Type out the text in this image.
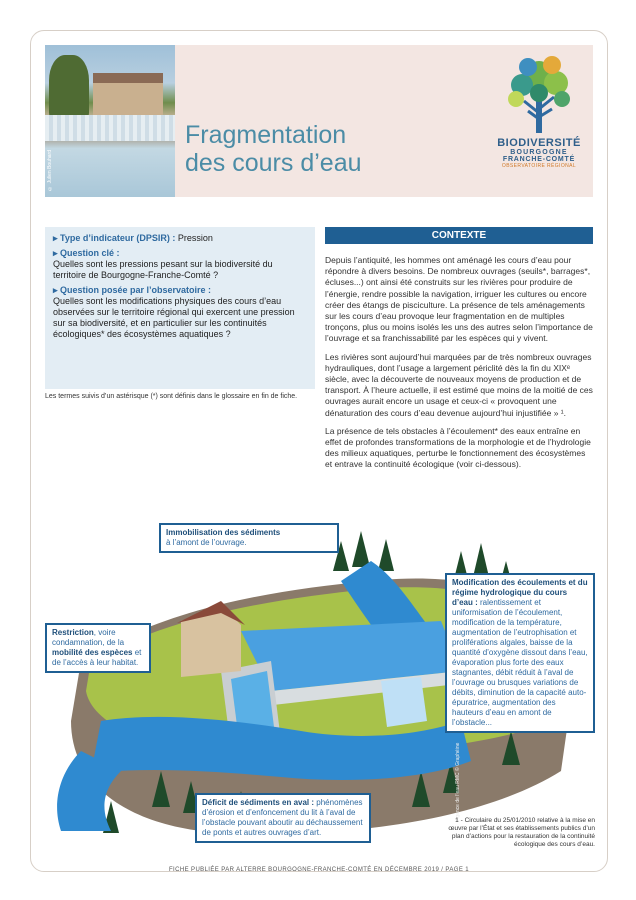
© Julien Bouhard
Fragmentation
des cours d’eau
BIODIVERSITÉ
BOURGOGNE
FRANCHE-COMTÉ
OBSERVATOIRE RÉGIONAL

▸ Type d’indicateur (DPSIR) : Pression

▸ Question clé :
Quelles sont les pressions pesant sur la biodiversité du territoire de Bourgogne-Franche-Comté ?

▸ Question posée par l’observatoire :
Quelles sont les modifications physiques des cours d’eau observées sur le territoire régional qui exercent une pression sur sa biodiversité, et en particulier sur les continuités écologiques* des écosystèmes aquatiques ?

Les termes suivis d’un astérisque (*) sont définis dans le glossaire en fin de fiche.
CONTEXTE

Depuis l’antiquité, les hommes ont aménagé les cours d’eau pour répondre à divers besoins. De nombreux ouvrages (seuils*, barrages*, écluses...) ont ainsi été construits sur les rivières pour produire de l’énergie, rendre possible la navigation, irriguer les cultures ou encore créer des étangs de pisciculture. La présence de tels aménagements sur les cours d’eau provoque leur fragmentation en de multiples tronçons, plus ou moins isolés les uns des autres selon l’importance de l’ouvrage et sa franchissabilité par les espèces qui y vivent.

Les rivières sont aujourd’hui marquées par de très nombreux ouvrages hydrauliques, dont l’usage a largement périclité dès la fin du XIXᵉ siècle, avec la découverte de nouveaux moyens de production et de transport. À l’heure actuelle, il est estimé que moins de la moitié de ces ouvrages aurait encore un usage et ceux-ci « provoquent une dénaturation des cours d’eau devenue aujourd’hui injustifiée » ¹.

La présence de tels obstacles à l’écoulement* des eaux entraîne en effet de profondes transformations de la morphologie et de l’hydrologie des milieux aquatiques, perturbe le fonctionnement des écosystèmes et entrave la continuité écologique (voir ci-dessous).

Agence de l’eau RMC © Graphéine
Immobilisation des sédiments
à l’amont de l’ouvrage.
Restriction, voire condamnation, de la mobilité des espèces et de l’accès à leur habitat.
Modification des écoulements et du régime hydrologique du cours d’eau : ralentissement et uniformisation de l’écoulement, modification de la température, augmentation de l’eutrophisation et proliférations algales, baisse de la quantité d’oxygène dissout dans l’eau, évaporation plus forte des eaux stagnantes, débit réduit à l’aval de l’ouvrage ou brusques variations de débits, diminution de la capacité auto-épuratrice, augmentation des hauteurs d’eau en amont de l’obstacle...
Déficit de sédiments en aval : phénomènes d’érosion et d’enfoncement du lit à l’aval de l’obstacle pouvant aboutir au déchaussement de ponts et autres ouvrages d’art.
1 - Circulaire du 25/01/2010 relative à la mise en œuvre par l’État et ses établissements publics d’un plan d’actions pour la restauration de la continuité écologique des cours d’eau.
FICHE PUBLIÉE PAR ALTERRE BOURGOGNE-FRANCHE-COMTÉ EN DÉCEMBRE 2019 / PAGE 1
